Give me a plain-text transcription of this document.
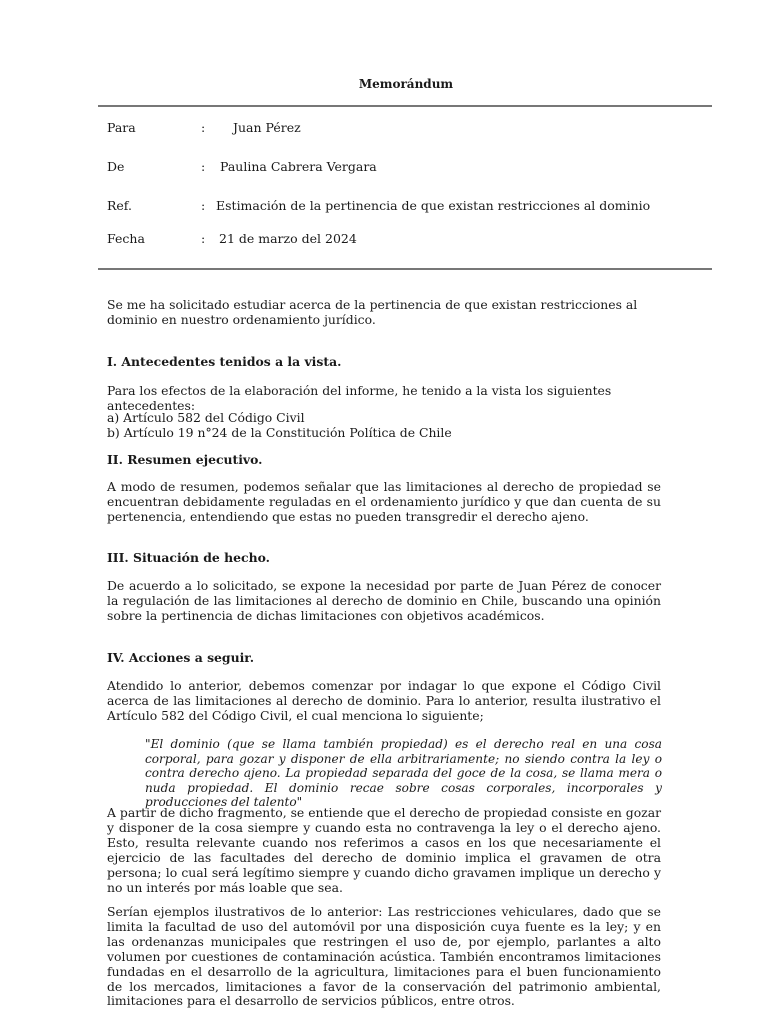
Memorándum
Para	: Juan Pérez
De	: Paulina Cabrera Vergara
Ref.	: Estimación de la pertinencia de que existan restricciones al dominio
Fecha	: 21 de marzo del 2024
Se me ha solicitado estudiar acerca de la pertinencia de que existan restricciones al dominio en nuestro ordenamiento jurídico.
I. Antecedentes tenidos a la vista.
Para los efectos de la elaboración del informe, he tenido a la vista los siguientes antecedentes:
a) Artículo 582 del Código Civil
b) Artículo 19 n°24 de la Constitución Política de Chile
II. Resumen ejecutivo.
A modo de resumen, podemos señalar que las limitaciones al derecho de propiedad se encuentran debidamente reguladas en el ordenamiento jurídico y que dan cuenta de su pertenencia, entendiendo que estas no pueden transgredir el derecho ajeno.
III. Situación de hecho.
De acuerdo a lo solicitado, se expone la necesidad por parte de Juan Pérez de conocer la regulación de las limitaciones al derecho de dominio en Chile, buscando una opinión sobre la pertinencia de dichas limitaciones con objetivos académicos.
IV. Acciones a seguir.
Atendido lo anterior, debemos comenzar por indagar lo que expone el Código Civil acerca de las limitaciones al derecho de dominio. Para lo anterior, resulta ilustrativo el Artículo 582 del Código Civil, el cual menciona lo siguiente;
"El dominio (que se llama también propiedad) es el derecho real en una cosa corporal, para gozar y disponer de ella arbitrariamente; no siendo contra la ley o contra derecho ajeno. La propiedad separada del goce de la cosa, se llama mera o nuda propiedad. El dominio recae sobre cosas corporales, incorporales y producciones del talento"
A partir de dicho fragmento, se entiende que el derecho de propiedad consiste en gozar y disponer de la cosa siempre y cuando esta no contravenga la ley o el derecho ajeno. Esto, resulta relevante cuando nos referimos a casos en los que necesariamente el ejercicio de las facultades del derecho de dominio implica el gravamen de otra persona; lo cual será legítimo siempre y cuando dicho gravamen implique un derecho y no un interés por más loable que sea.
Serían ejemplos ilustrativos de lo anterior: Las restricciones vehiculares, dado que se limita la facultad de uso del automóvil por una disposición cuya fuente es la ley; y en las ordenanzas municipales que restringen el uso de, por ejemplo, parlantes a alto volumen por cuestiones de contaminación acústica. También encontramos limitaciones fundadas en el desarrollo de la agricultura, limitaciones para el buen funcionamiento de los mercados, limitaciones a favor de la conservación del patrimonio ambiental, limitaciones para el desarrollo de servicios públicos, entre otros.
